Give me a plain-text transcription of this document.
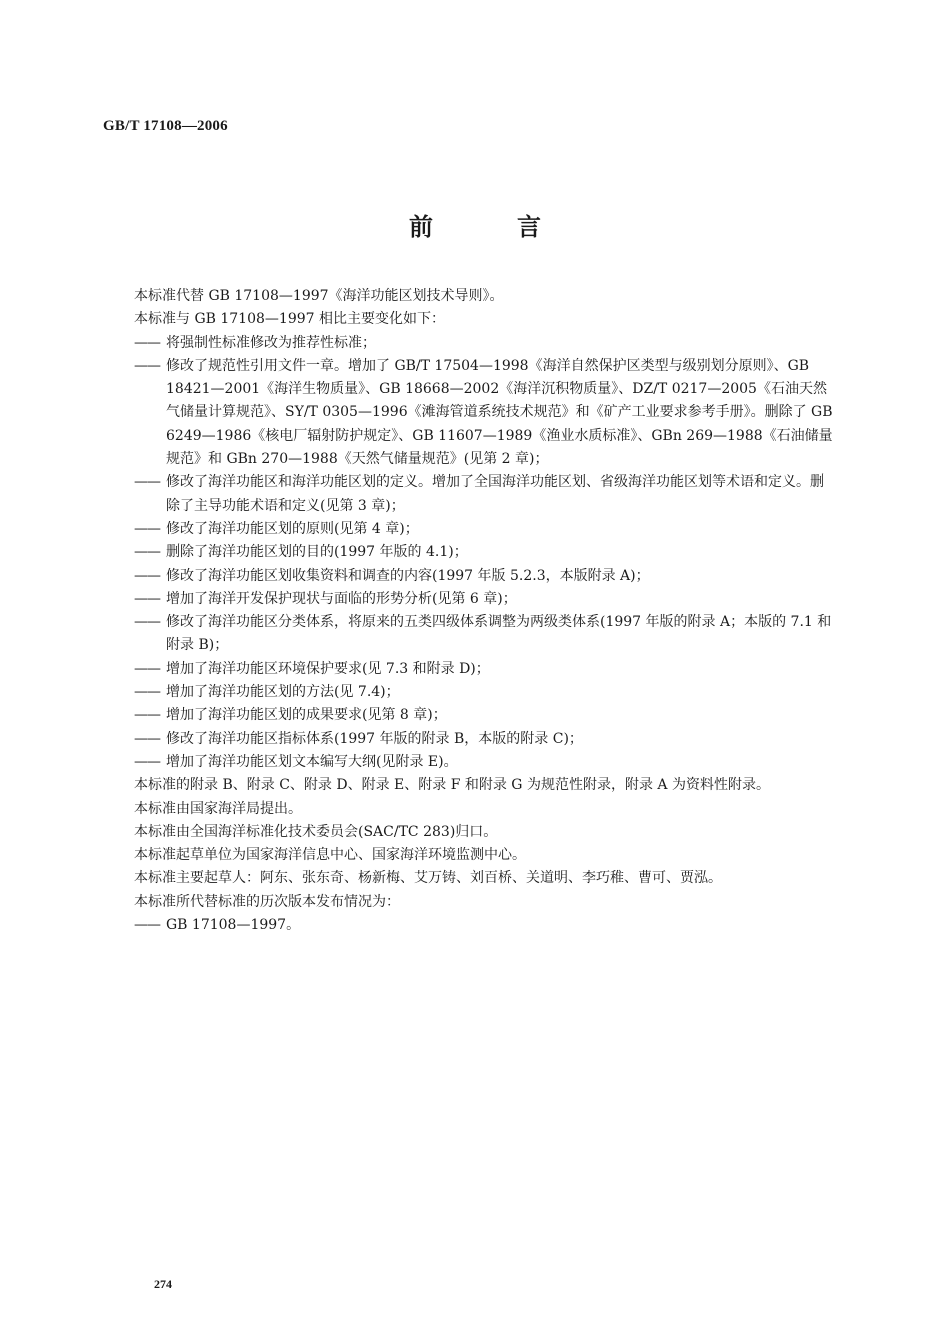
GB/T 17108—2006
前　言
本标准代替 GB 17108—1997《海洋功能区划技术导则》。
本标准与 GB 17108—1997 相比主要变化如下：
—— 将强制性标准修改为推荐性标准；
—— 修改了规范性引用文件一章。增加了 GB/T 17504—1998《海洋自然保护区类型与级别划分原则》、GB 18421—2001《海洋生物质量》、GB 18668—2002《海洋沉积物质量》、DZ/T 0217—2005《石油天然气储量计算规范》、SY/T 0305—1996《滩海管道系统技术规范》和《矿产工业要求参考手册》。删除了 GB 6249—1986《核电厂辐射防护规定》、GB 11607—1989《渔业水质标准》、GBn 269—1988《石油储量规范》和 GBn 270—1988《天然气储量规范》(见第 2 章)；
—— 修改了海洋功能区和海洋功能区划的定义。增加了全国海洋功能区划、省级海洋功能区划等术语和定义。删除了主导功能术语和定义(见第 3 章)；
—— 修改了海洋功能区划的原则(见第 4 章)；
—— 删除了海洋功能区划的目的(1997 年版的 4.1)；
—— 修改了海洋功能区划收集资料和调查的内容(1997 年版 5.2.3，本版附录 A)；
—— 增加了海洋开发保护现状与面临的形势分析(见第 6 章)；
—— 修改了海洋功能区分类体系，将原来的五类四级体系调整为两级类体系(1997 年版的附录 A；本版的 7.1 和附录 B)；
—— 增加了海洋功能区环境保护要求(见 7.3 和附录 D)；
—— 增加了海洋功能区划的方法(见 7.4)；
—— 增加了海洋功能区划的成果要求(见第 8 章)；
—— 修改了海洋功能区指标体系(1997 年版的附录 B，本版的附录 C)；
—— 增加了海洋功能区划文本编写大纲(见附录 E)。
本标准的附录 B、附录 C、附录 D、附录 E、附录 F 和附录 G 为规范性附录，附录 A 为资料性附录。
本标准由国家海洋局提出。
本标准由全国海洋标准化技术委员会(SAC/TC 283)归口。
本标准起草单位为国家海洋信息中心、国家海洋环境监测中心。
本标准主要起草人：阿东、张东奇、杨新梅、艾万铸、刘百桥、关道明、李巧稚、曹可、贾泓。
本标准所代替标准的历次版本发布情况为：
—— GB 17108—1997。
274
